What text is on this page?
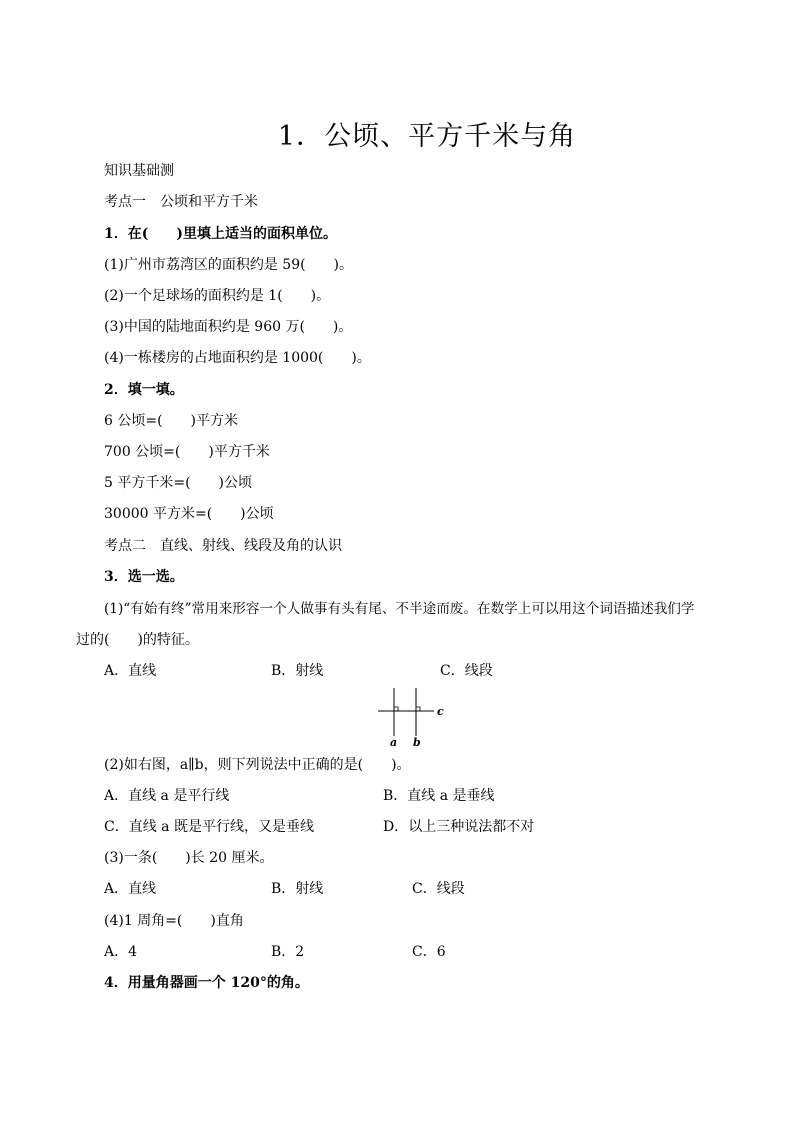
1．公顷、平方千米与角
知识基础测
考点一　公顷和平方千米
1．在(　　)里填上适当的面积单位。
(1)广州市荔湾区的面积约是 59(　　)。
(2)一个足球场的面积约是 1(　　)。
(3)中国的陆地面积约是 960 万(　　)。
(4)一栋楼房的占地面积约是 1000(　　)。
2．填一填。
6 公顷=(　　)平方米
700 公顷=(　　)平方千米
5 平方千米=(　　)公顷
30000 平方米=(　　)公顷
考点二　直线、射线、线段及角的认识
3．选一选。
(1)“有始有终”常用来形容一个人做事有头有尾、不半途而废。在数学上可以用这个词语描述我们学
过的(　　)的特征。
A．直线	B．射线	C．线段
a b
c
(2)如右图，a∥b，则下列说法中正确的是(　　)。
A．直线 a 是平行线	B．直线 a 是垂线
C．直线 a 既是平行线，又是垂线	D．以上三种说法都不对
(3)一条(　　)长 20 厘米。
A．直线	B．射线	C．线段
(4)1 周角=(　　)直角
A．4	B．2	C．6
4．用量角器画一个 120°的角。
